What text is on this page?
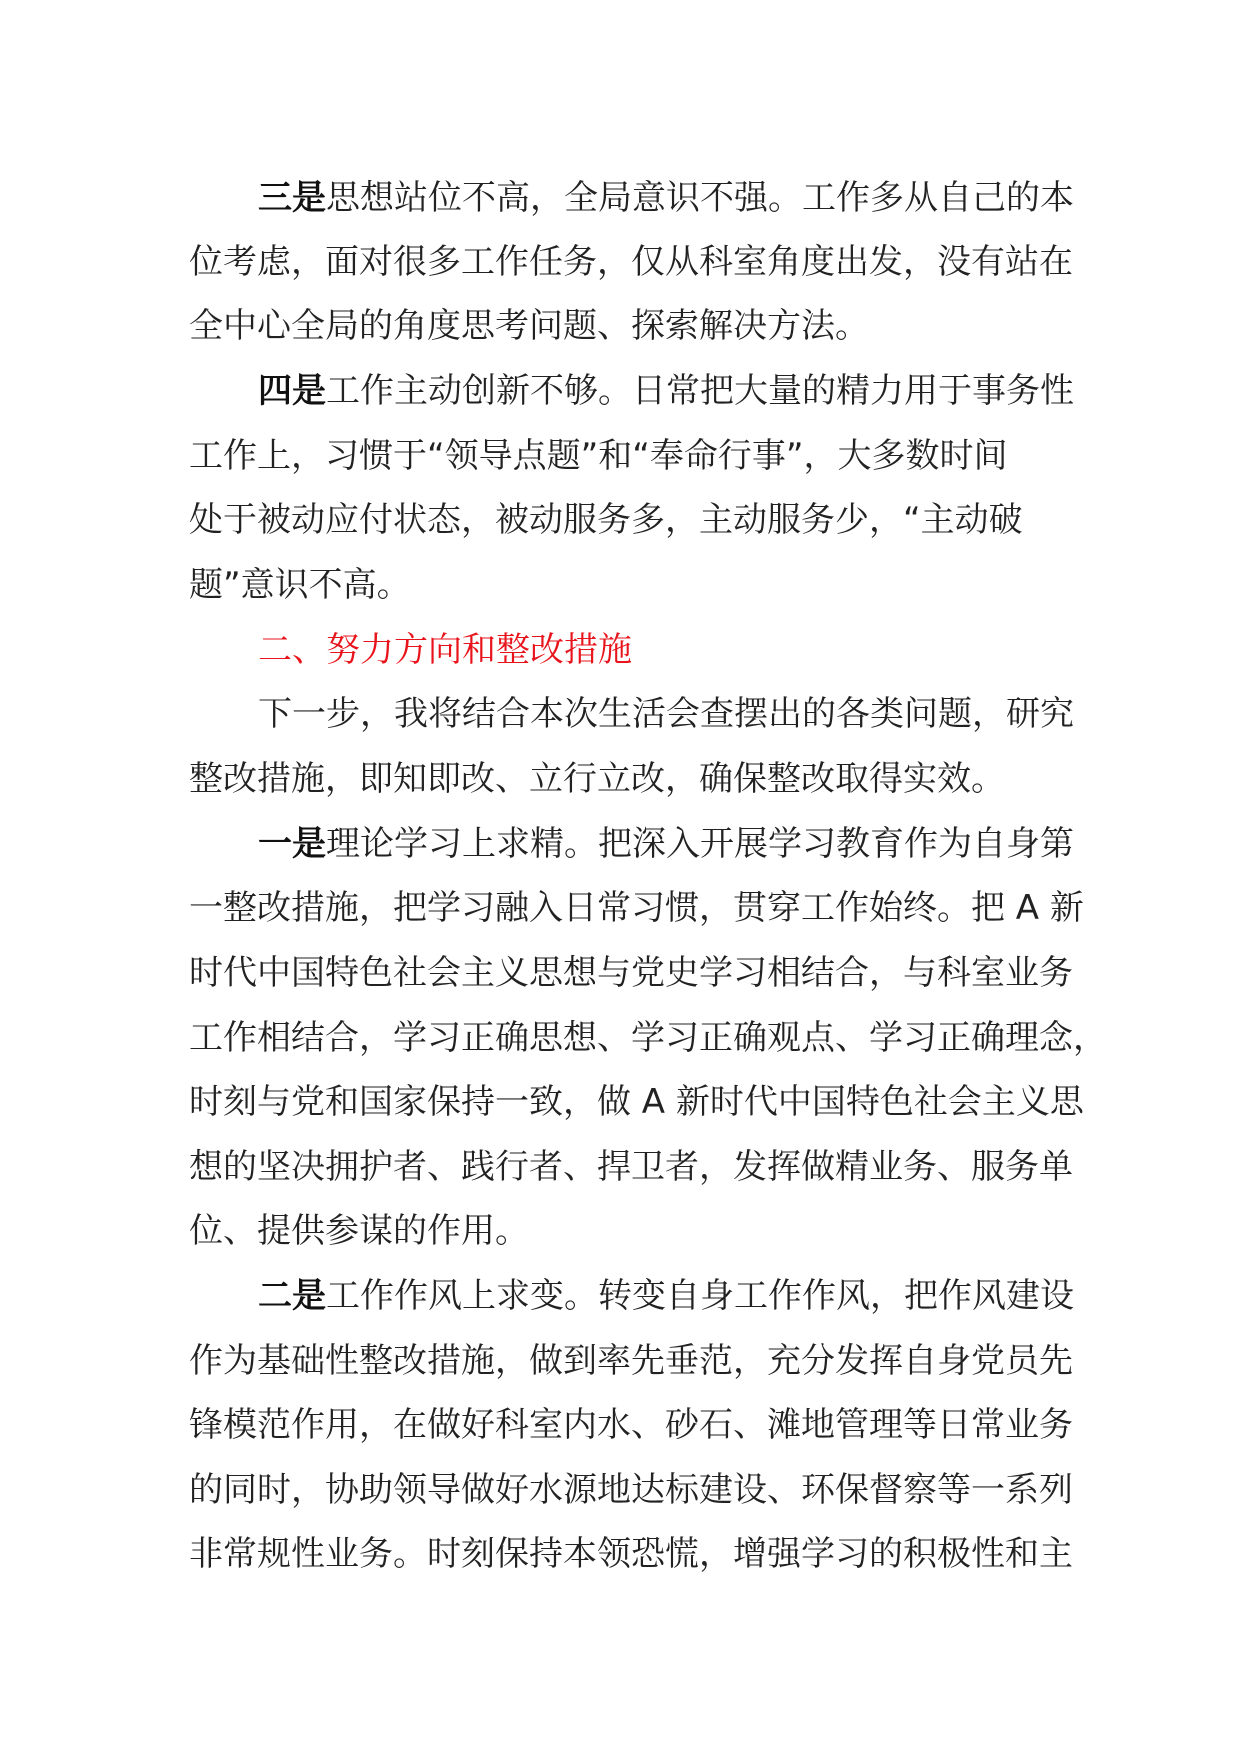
三是思想站位不高，全局意识不强。工作多从自己的本

位考虑，面对很多工作任务，仅从科室角度出发，没有站在

全中心全局的角度思考问题、探索解决方法。

四是工作主动创新不够。日常把大量的精力用于事务性

工作上，习惯于“领导点题”和“奉命行事”，大多数时间

处于被动应付状态，被动服务多，主动服务少，“主动破

题”意识不高。

二、努力方向和整改措施

下一步，我将结合本次生活会查摆出的各类问题，研究

整改措施，即知即改、立行立改，确保整改取得实效。

一是理论学习上求精。把深入开展学习教育作为自身第

一整改措施，把学习融入日常习惯，贯穿工作始终。把 A 新

时代中国特色社会主义思想与党史学习相结合，与科室业务

工作相结合，学习正确思想、学习正确观点、学习正确理念，

时刻与党和国家保持一致，做 A 新时代中国特色社会主义思

想的坚决拥护者、践行者、捍卫者，发挥做精业务、服务单

位、提供参谋的作用。

二是工作作风上求变。转变自身工作作风，把作风建设

作为基础性整改措施，做到率先垂范，充分发挥自身党员先

锋模范作用，在做好科室内水、砂石、滩地管理等日常业务

的同时，协助领导做好水源地达标建设、环保督察等一系列

非常规性业务。时刻保持本领恐慌，增强学习的积极性和主
